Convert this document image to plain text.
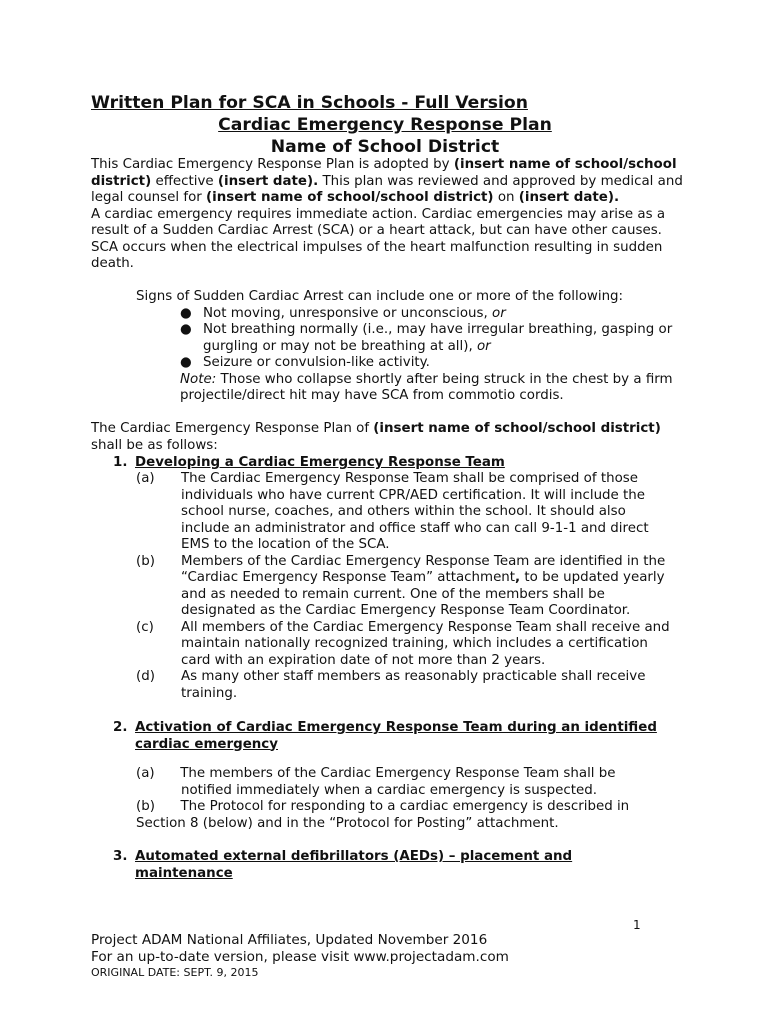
Written Plan for SCA in Schools - Full Version
Cardiac Emergency Response Plan
Name of School District

This Cardiac Emergency Response Plan is adopted by (insert name of school/school district) effective (insert date). This plan was reviewed and approved by medical and legal counsel for (insert name of school/school district) on (insert date).

A cardiac emergency requires immediate action. Cardiac emergencies may arise as a result of a Sudden Cardiac Arrest (SCA) or a heart attack, but can have other causes. SCA occurs when the electrical impulses of the heart malfunction resulting in sudden death.

Signs of Sudden Cardiac Arrest can include one or more of the following:

● Not moving, unresponsive or unconscious, or
● Not breathing normally (i.e., may have irregular breathing, gasping or gurgling or may not be breathing at all), or
● Seizure or convulsion-like activity.

Note: Those who collapse shortly after being struck in the chest by a firm projectile/direct hit may have SCA from commotio cordis.

The Cardiac Emergency Response Plan of (insert name of school/school district) shall be as follows:

1. Developing a Cardiac Emergency Response Team
(a) The Cardiac Emergency Response Team shall be comprised of those individuals who have current CPR/AED certification. It will include the school nurse, coaches, and others within the school. It should also include an administrator and office staff who can call 9-1-1 and direct EMS to the location of the SCA.
(b) Members of the Cardiac Emergency Response Team are identified in the “Cardiac Emergency Response Team” attachment, to be updated yearly and as needed to remain current. One of the members shall be designated as the Cardiac Emergency Response Team Coordinator.
(c) All members of the Cardiac Emergency Response Team shall receive and maintain nationally recognized training, which includes a certification card with an expiration date of not more than 2 years.
(d) As many other staff members as reasonably practicable shall receive training.
2. Activation of Cardiac Emergency Response Team during an identified
cardiac emergency

(a)      The members of the Cardiac Emergency Response Team shall be

notified immediately when a cardiac emergency is suspected.

(b)      The Protocol for responding to a cardiac emergency is described in Section 8 (below) and in the “Protocol for Posting” attachment.

3. Automated external defibrillators (AEDs) – placement and
maintenance
1
Project ADAM National Affiliates, Updated November 2016
For an up-to-date version, please visit www.projectadam.com
ORIGINAL DATE: SEPT. 9, 2015
